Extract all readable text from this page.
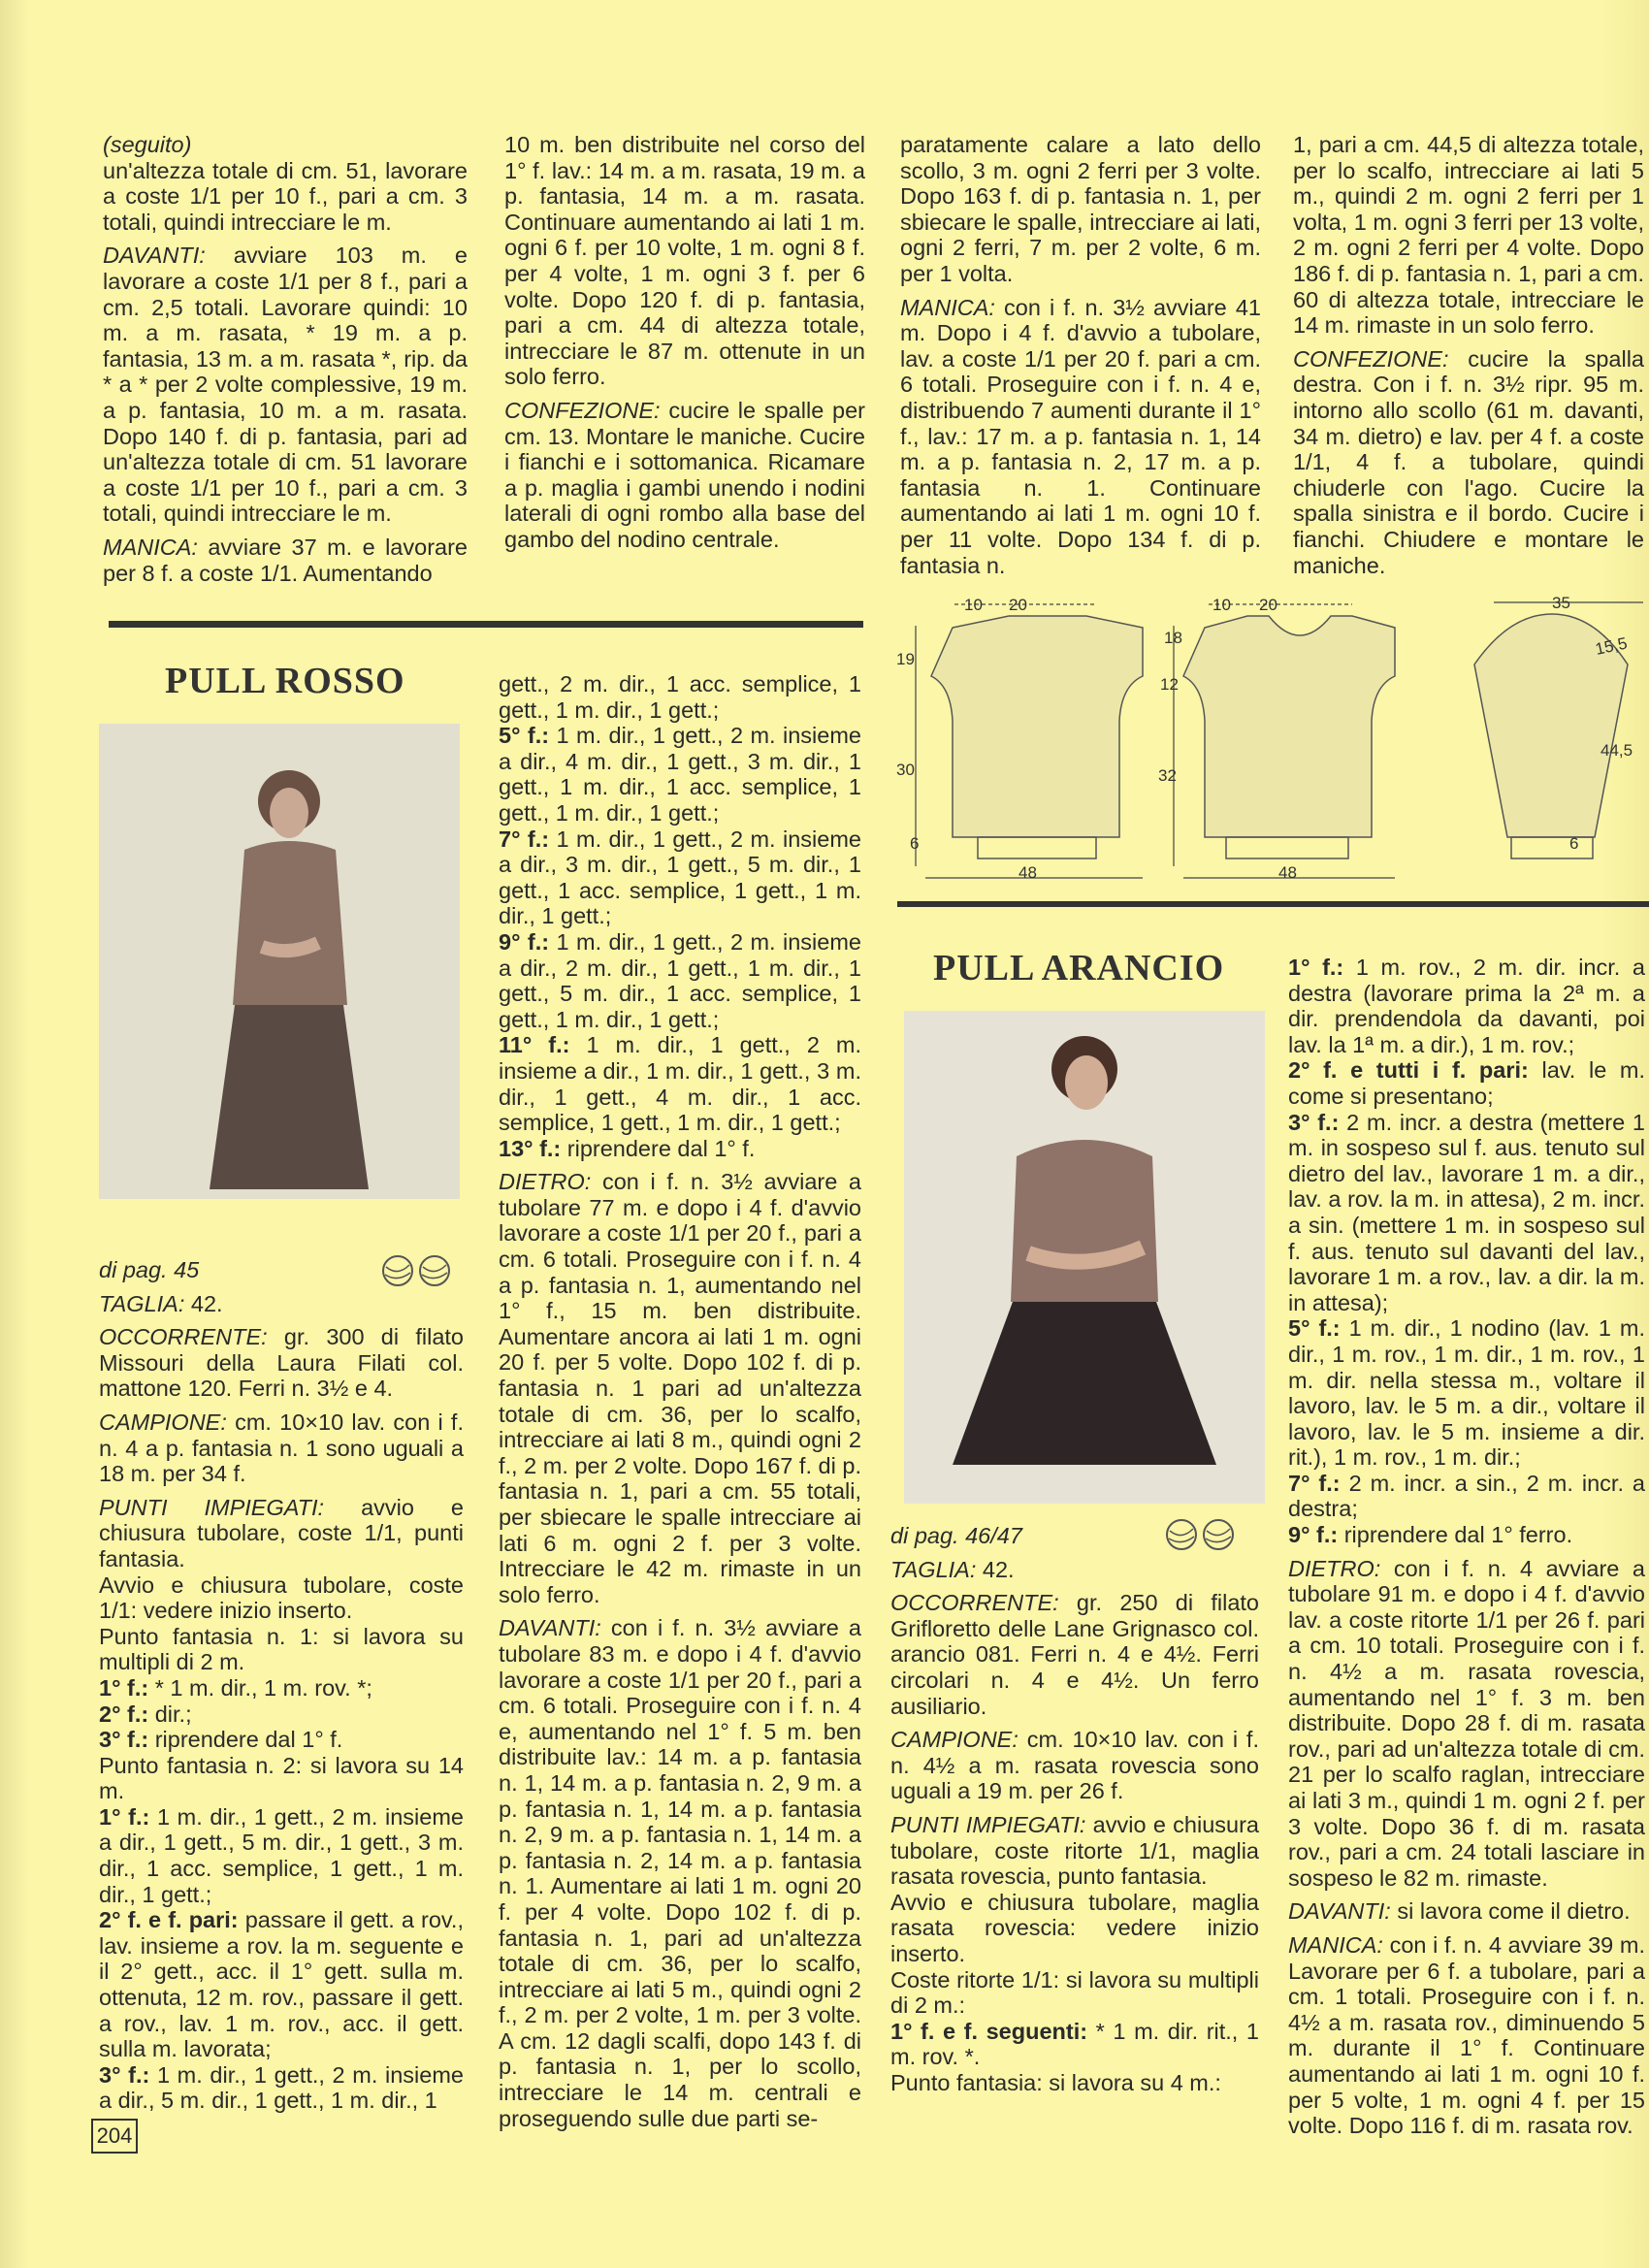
(seguito)

un'altezza totale di cm. 51, lavorare a coste 1/1 per 10 f., pari a cm. 3 totali, quindi intrecciare le m.

DAVANTI: avviare 103 m. e lavorare a coste 1/1 per 8 f., pari a cm. 2,5 totali. Lavorare quindi: 10 m. a m. rasata, * 19 m. a p. fantasia, 13 m. a m. rasata *, rip. da * a * per 2 volte complessive, 19 m. a p. fantasia, 10 m. a m. rasata. Dopo 140 f. di p. fantasia, pari ad un'altezza totale di cm. 51 lavorare a coste 1/1 per 10 f., pari a cm. 3 totali, quindi intrecciare le m.

MANICA: avviare 37 m. e lavorare per 8 f. a coste 1/1. Aumentando

10 m. ben distribuite nel corso del 1° f. lav.: 14 m. a m. rasata, 19 m. a p. fantasia, 14 m. a m. rasata. Continuare aumentando ai lati 1 m. ogni 6 f. per 10 volte, 1 m. ogni 8 f. per 4 volte, 1 m. ogni 3 f. per 6 volte. Dopo 120 f. di p. fantasia, pari a cm. 44 di altezza totale, intrecciare le 87 m. ottenute in un solo ferro.

CONFEZIONE: cucire le spalle per cm. 13. Montare le maniche. Cucire i fianchi e i sottomanica. Ricamare a p. maglia i gambi unendo i nodini laterali di ogni rombo alla base del gambo del nodino centrale.

paratamente calare a lato dello scollo, 3 m. ogni 2 ferri per 3 volte. Dopo 163 f. di p. fantasia n. 1, per sbiecare le spalle, intrecciare ai lati, ogni 2 ferri, 7 m. per 2 volte, 6 m. per 1 volta.

MANICA: con i f. n. 3½ avviare 41 m. Dopo i 4 f. d'avvio a tubolare, lav. a coste 1/1 per 20 f. pari a cm. 6 totali. Proseguire con i f. n. 4 e, distribuendo 7 aumenti durante il 1° f., lav.: 17 m. a p. fantasia n. 1, 14 m. a p. fantasia n. 2, 17 m. a p. fantasia n. 1. Continuare aumentando ai lati 1 m. ogni 10 f. per 11 volte. Dopo 134 f. di p. fantasia n.

1, pari a cm. 44,5 di altezza totale, per lo scalfo, intrecciare ai lati 5 m., quindi 2 m. ogni 2 ferri per 1 volta, 1 m. ogni 3 ferri per 13 volte, 2 m. ogni 2 ferri per 4 volte. Dopo 186 f. di p. fantasia n. 1, pari a cm. 60 di altezza totale, intrecciare le 14 m. rimaste in un solo ferro.

CONFEZIONE: cucire la spalla destra. Con i f. n. 3½ ripr. 95 m. intorno allo scollo (61 m. davanti, 34 m. dietro) e lav. per 4 f. a coste 1/1, 4 f. a tubolare, quindi chiuderle con l'ago. Cucire la spalla sinistra e il bordo. Cucire i fianchi. Chiudere e montare le maniche.

48
10 20
19
30
6
48
10 20
18
12
32
35
15,5
44,5
6
PULL ROSSO

di pag. 45

TAGLIA: 42.

OCCORRENTE: gr. 300 di filato Missouri della Laura Filati col. mattone 120. Ferri n. 3½ e 4.

CAMPIONE: cm. 10×10 lav. con i f. n. 4 a p. fantasia n. 1 sono uguali a 18 m. per 34 f.

PUNTI IMPIEGATI: avvio e chiusura tubolare, coste 1/1, punti fantasia.

Avvio e chiusura tubolare, coste 1/1: vedere inizio inserto.

Punto fantasia n. 1: si lavora su multipli di 2 m.

1° f.: * 1 m. dir., 1 m. rov. *;

2° f.: dir.;

3° f.: riprendere dal 1° f.

Punto fantasia n. 2: si lavora su 14 m.

1° f.: 1 m. dir., 1 gett., 2 m. insieme a dir., 1 gett., 5 m. dir., 1 gett., 3 m. dir., 1 acc. semplice, 1 gett., 1 m. dir., 1 gett.;

2° f. e f. pari: passare il gett. a rov., lav. insieme a rov. la m. seguente e il 2° gett., acc. il 1° gett. sulla m. ottenuta, 12 m. rov., passare il gett. a rov., lav. 1 m. rov., acc. il gett. sulla m. lavorata;

3° f.: 1 m. dir., 1 gett., 2 m. insieme a dir., 5 m. dir., 1 gett., 1 m. dir., 1

gett., 2 m. dir., 1 acc. semplice, 1 gett., 1 m. dir., 1 gett.;

5° f.: 1 m. dir., 1 gett., 2 m. insieme a dir., 4 m. dir., 1 gett., 3 m. dir., 1 gett., 1 m. dir., 1 acc. semplice, 1 gett., 1 m. dir., 1 gett.;

7° f.: 1 m. dir., 1 gett., 2 m. insieme a dir., 3 m. dir., 1 gett., 5 m. dir., 1 gett., 1 acc. semplice, 1 gett., 1 m. dir., 1 gett.;

9° f.: 1 m. dir., 1 gett., 2 m. insieme a dir., 2 m. dir., 1 gett., 1 m. dir., 1 gett., 5 m. dir., 1 acc. semplice, 1 gett., 1 m. dir., 1 gett.;

11° f.: 1 m. dir., 1 gett., 2 m. insieme a dir., 1 m. dir., 1 gett., 3 m. dir., 1 gett., 4 m. dir., 1 acc. semplice, 1 gett., 1 m. dir., 1 gett.;

13° f.: riprendere dal 1° f.

DIETRO: con i f. n. 3½ avviare a tubolare 77 m. e dopo i 4 f. d'avvio lavorare a coste 1/1 per 20 f., pari a cm. 6 totali. Proseguire con i f. n. 4 a p. fantasia n. 1, aumentando nel 1° f., 15 m. ben distribuite. Aumentare ancora ai lati 1 m. ogni 20 f. per 5 volte. Dopo 102 f. di p. fantasia n. 1 pari ad un'altezza totale di cm. 36, per lo scalfo, intrecciare ai lati 8 m., quindi ogni 2 f., 2 m. per 2 volte. Dopo 167 f. di p. fantasia n. 1, pari a cm. 55 totali, per sbiecare le spalle intrecciare ai lati 6 m. ogni 2 f. per 3 volte. Intrecciare le 42 m. rimaste in un solo ferro.

DAVANTI: con i f. n. 3½ avviare a tubolare 83 m. e dopo i 4 f. d'avvio lavorare a coste 1/1 per 20 f., pari a cm. 6 totali. Proseguire con i f. n. 4 e, aumentando nel 1° f. 5 m. ben distribuite lav.: 14 m. a p. fantasia n. 1, 14 m. a p. fantasia n. 2, 9 m. a p. fantasia n. 1, 14 m. a p. fantasia n. 2, 9 m. a p. fantasia n. 1, 14 m. a p. fantasia n. 2, 14 m. a p. fantasia n. 1. Aumentare ai lati 1 m. ogni 20 f. per 4 volte. Dopo 102 f. di p. fantasia n. 1, pari ad un'altezza totale di cm. 36, per lo scalfo, intrecciare ai lati 5 m., quindi ogni 2 f., 2 m. per 2 volte, 1 m. per 3 volte. A cm. 12 dagli scalfi, dopo 143 f. di p. fantasia n. 1, per lo scollo, intrecciare le 14 m. centrali e proseguendo sulle due parti se-

PULL ARANCIO

di pag. 46/47

TAGLIA: 42.

OCCORRENTE: gr. 250 di filato Grifloretto delle Lane Grignasco col. arancio 081. Ferri n. 4 e 4½. Ferri circolari n. 4 e 4½. Un ferro ausiliario.

CAMPIONE: cm. 10×10 lav. con i f. n. 4½ a m. rasata rovescia sono uguali a 19 m. per 26 f.

PUNTI IMPIEGATI: avvio e chiusura tubolare, coste ritorte 1/1, maglia rasata rovescia, punto fantasia.

Avvio e chiusura tubolare, maglia rasata rovescia: vedere inizio inserto.

Coste ritorte 1/1: si lavora su multipli di 2 m.:

1° f. e f. seguenti: * 1 m. dir. rit., 1 m. rov. *.

Punto fantasia: si lavora su 4 m.:

1° f.: 1 m. rov., 2 m. dir. incr. a destra (lavorare prima la 2ª m. a dir. prendendola da davanti, poi lav. la 1ª m. a dir.), 1 m. rov.;

2° f. e tutti i f. pari: lav. le m. come si presentano;

3° f.: 2 m. incr. a destra (mettere 1 m. in sospeso sul f. aus. tenuto sul dietro del lav., lavorare 1 m. a dir., lav. a rov. la m. in attesa), 2 m. incr. a sin. (mettere 1 m. in sospeso sul f. aus. tenuto sul davanti del lav., lavorare 1 m. a rov., lav. a dir. la m. in attesa);

5° f.: 1 m. dir., 1 nodino (lav. 1 m. dir., 1 m. rov., 1 m. dir., 1 m. rov., 1 m. dir. nella stessa m., voltare il lavoro, lav. le 5 m. a dir., voltare il lavoro, lav. le 5 m. insieme a dir. rit.), 1 m. rov., 1 m. dir.;

7° f.: 2 m. incr. a sin., 2 m. incr. a destra;

9° f.: riprendere dal 1° ferro.

DIETRO: con i f. n. 4 avviare a tubolare 91 m. e dopo i 4 f. d'avvio lav. a coste ritorte 1/1 per 26 f. pari a cm. 10 totali. Proseguire con i f. n. 4½ a m. rasata rovescia, aumentando nel 1° f. 3 m. ben distribuite. Dopo 28 f. di m. rasata rov., pari ad un'altezza totale di cm. 21 per lo scalfo raglan, intrecciare ai lati 3 m., quindi 1 m. ogni 2 f. per 3 volte. Dopo 36 f. di m. rasata rov., pari a cm. 24 totali lasciare in sospeso le 82 m. rimaste.

DAVANTI: si lavora come il dietro.

MANICA: con i f. n. 4 avviare 39 m. Lavorare per 6 f. a tubolare, pari a cm. 1 totali. Proseguire con i f. n. 4½ a m. rasata rov., diminuendo 5 m. durante il 1° f. Continuare aumentando ai lati 1 m. ogni 10 f. per 5 volte, 1 m. ogni 4 f. per 15 volte. Dopo 116 f. di m. rasata rov.

204
